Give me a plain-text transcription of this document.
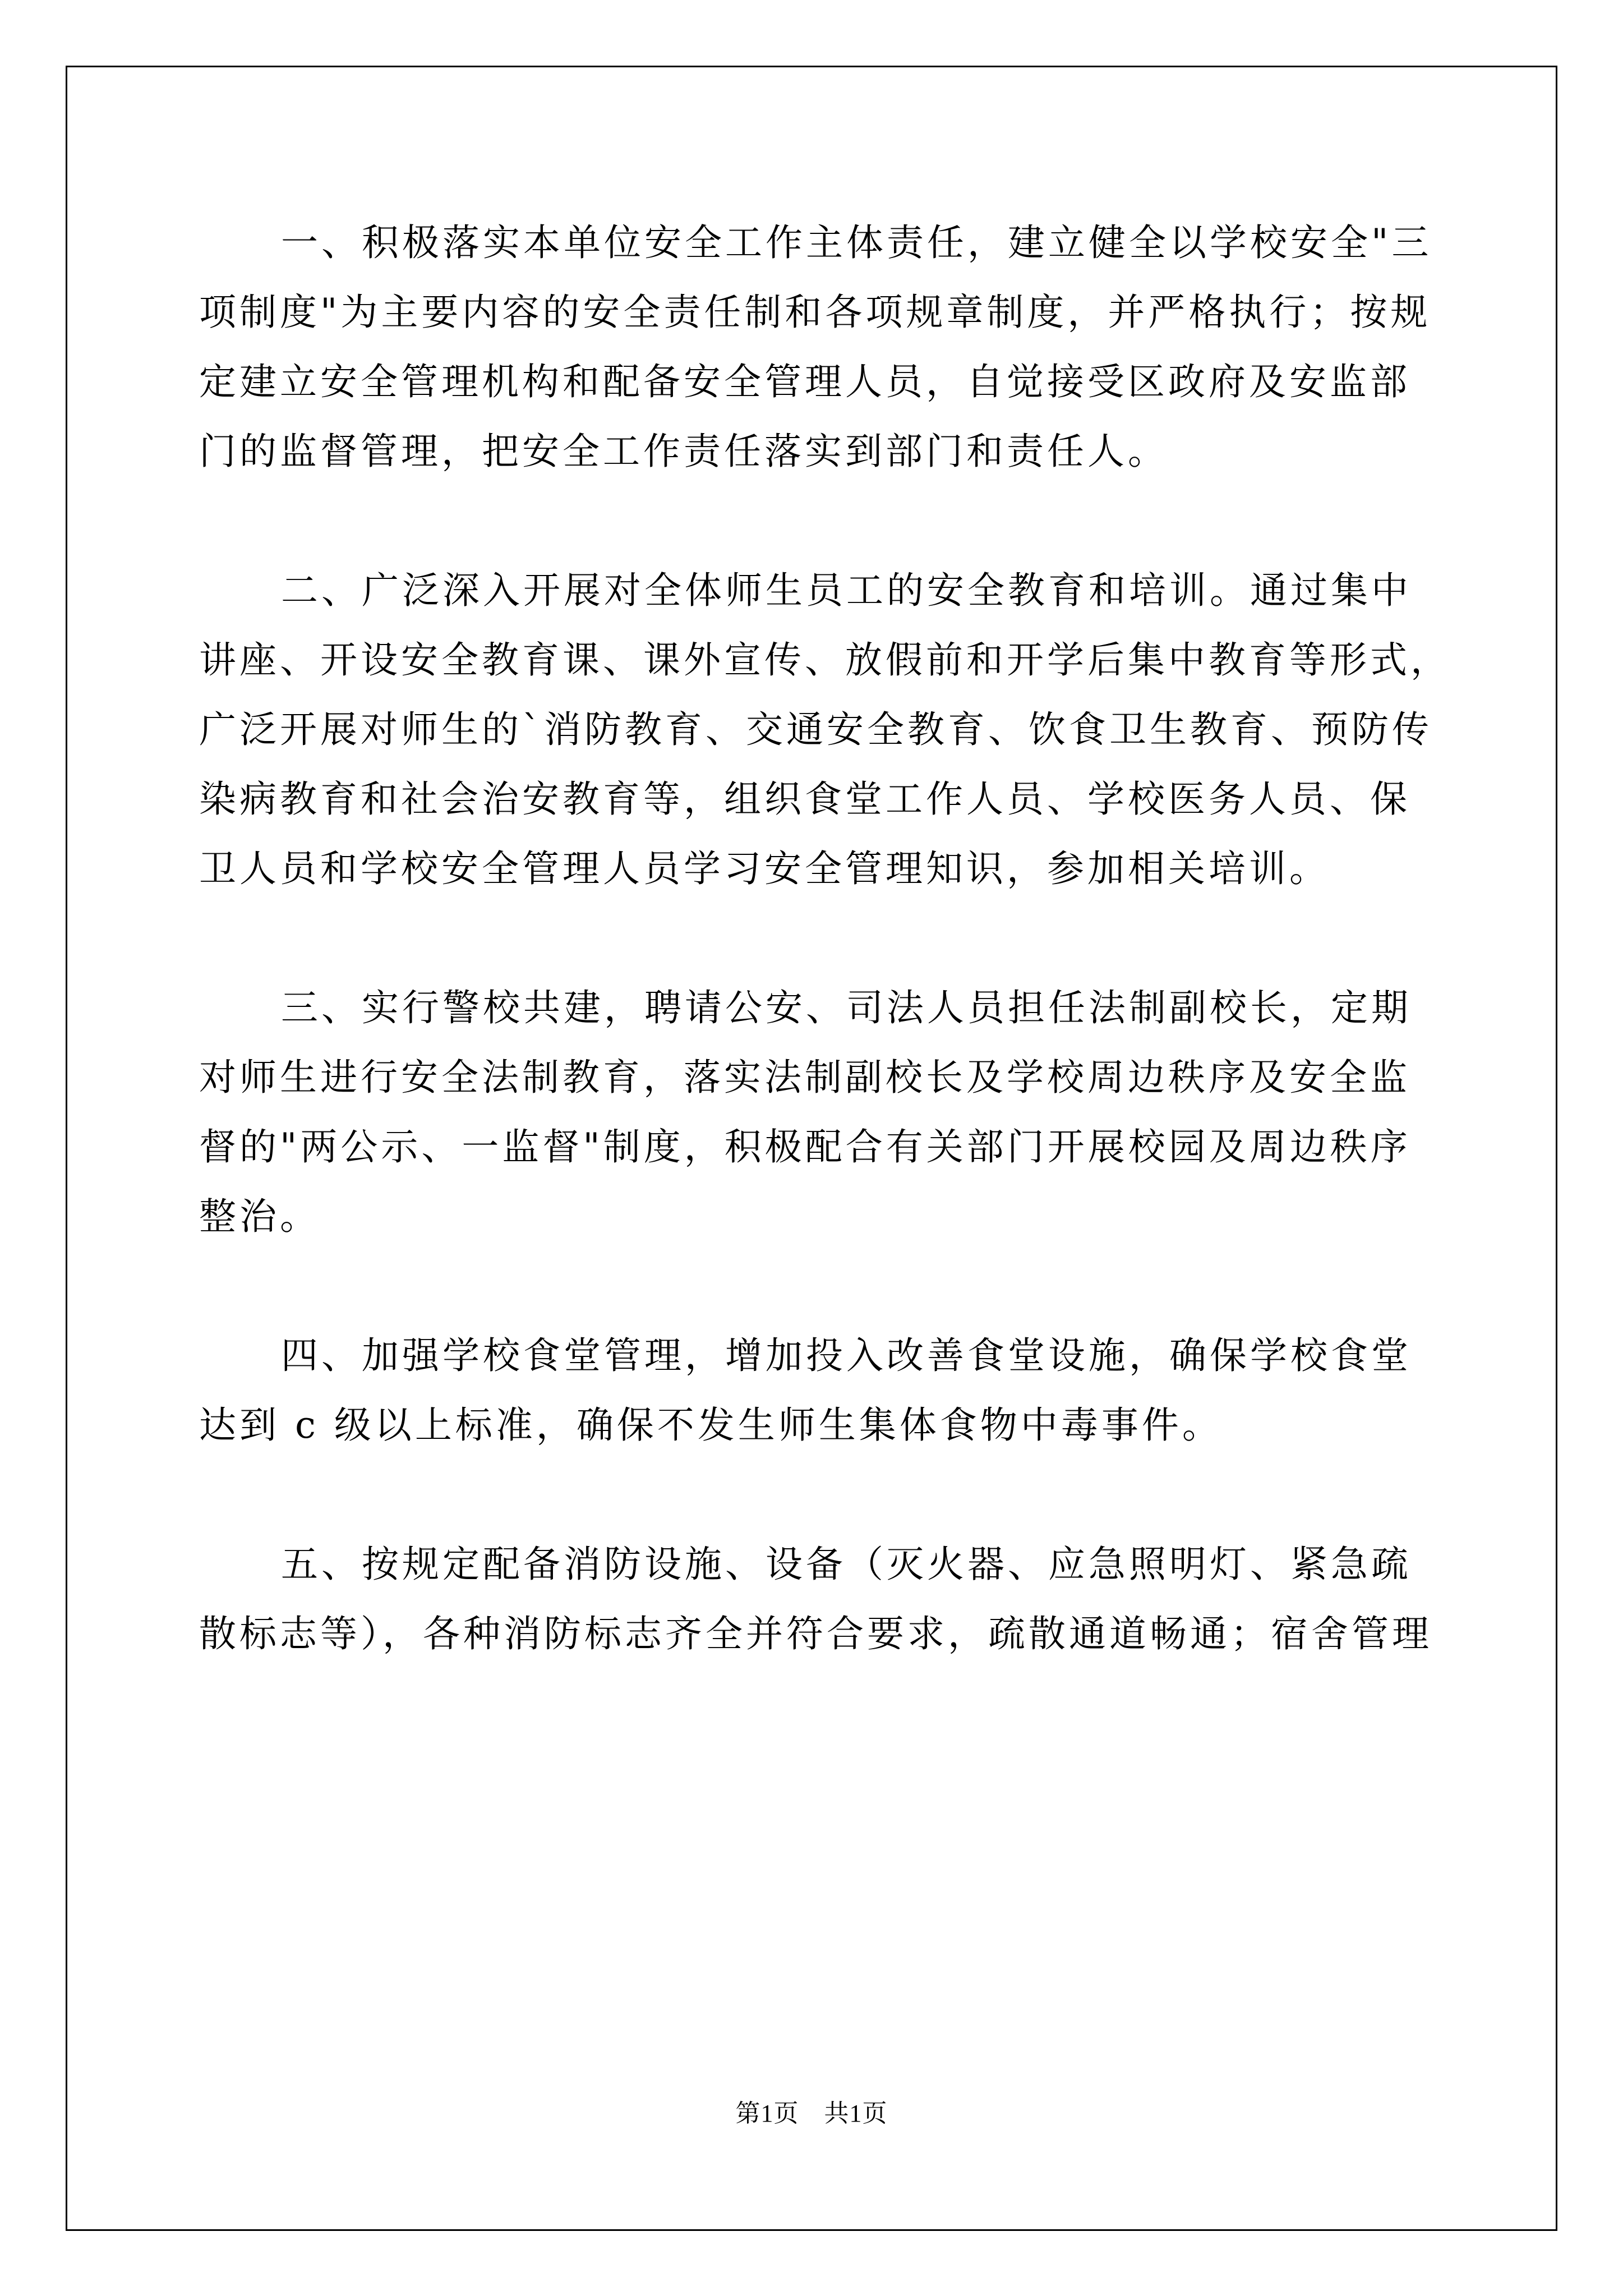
一、积极落实本单位安全工作主体责任，建立健全以学校安全"三
项制度"为主要内容的安全责任制和各项规章制度，并严格执行；按规
定建立安全管理机构和配备安全管理人员，自觉接受区政府及安监部
门的监督管理，把安全工作责任落实到部门和责任人。
二、广泛深入开展对全体师生员工的安全教育和培训。通过集中
讲座、开设安全教育课、课外宣传、放假前和开学后集中教育等形式，
广泛开展对师生的`消防教育、交通安全教育、饮食卫生教育、预防传
染病教育和社会治安教育等，组织食堂工作人员、学校医务人员、保
卫人员和学校安全管理人员学习安全管理知识，参加相关培训。
三、实行警校共建，聘请公安、司法人员担任法制副校长，定期
对师生进行安全法制教育，落实法制副校长及学校周边秩序及安全监
督的"两公示、一监督"制度，积极配合有关部门开展校园及周边秩序
整治。
四、加强学校食堂管理，增加投入改善食堂设施，确保学校食堂
达到 c 级以上标准，确保不发生师生集体食物中毒事件。
五、按规定配备消防设施、设备（灭火器、应急照明灯、紧急疏
散标志等），各种消防标志齐全并符合要求，疏散通道畅通；宿舍管理
第1页　共1页
